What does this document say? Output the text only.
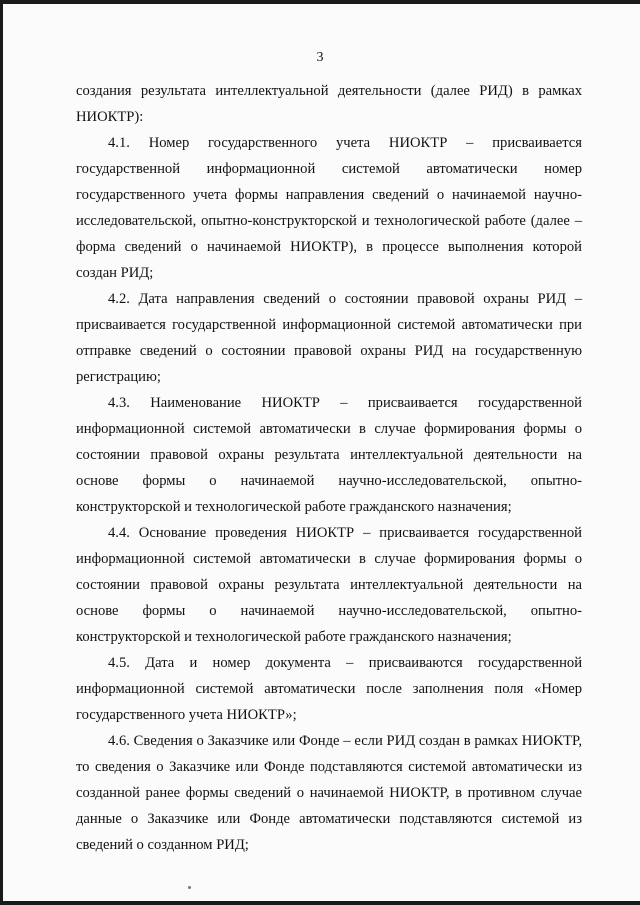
3

создания результата интеллектуальной деятельности (далее РИД) в рамках НИОКТР):

4.1. Номер государственного учета НИОКТР – присваивается государственной информационной системой автоматически номер государственного учета формы направления сведений о начинаемой научно-исследовательской, опытно-конструкторской и технологической работе (далее – форма сведений о начинаемой НИОКТР), в процессе выполнения которой создан РИД;

4.2. Дата направления сведений о состоянии правовой охраны РИД – присваивается государственной информационной системой автоматически при отправке сведений о состоянии правовой охраны РИД на государственную регистрацию;

4.3. Наименование НИОКТР – присваивается государственной информационной системой автоматически в случае формирования формы о состоянии правовой охраны результата интеллектуальной деятельности на основе формы о начинаемой научно-исследовательской, опытно-конструкторской и технологической работе гражданского назначения;

4.4. Основание проведения НИОКТР – присваивается государственной информационной системой автоматически в случае формирования формы о состоянии правовой охраны результата интеллектуальной деятельности на основе формы о начинаемой научно-исследовательской, опытно-конструкторской и технологической работе гражданского назначения;

4.5. Дата и номер документа – присваиваются государственной информационной системой автоматически после заполнения поля «Номер государственного учета НИОКТР»;

4.6. Сведения о Заказчике или Фонде – если РИД создан в рамках НИОКТР, то сведения о Заказчике или Фонде подставляются системой автоматически из созданной ранее формы сведений о начинаемой НИОКТР, в противном случае данные о Заказчике или Фонде автоматически подставляются системой из сведений о созданном РИД;
